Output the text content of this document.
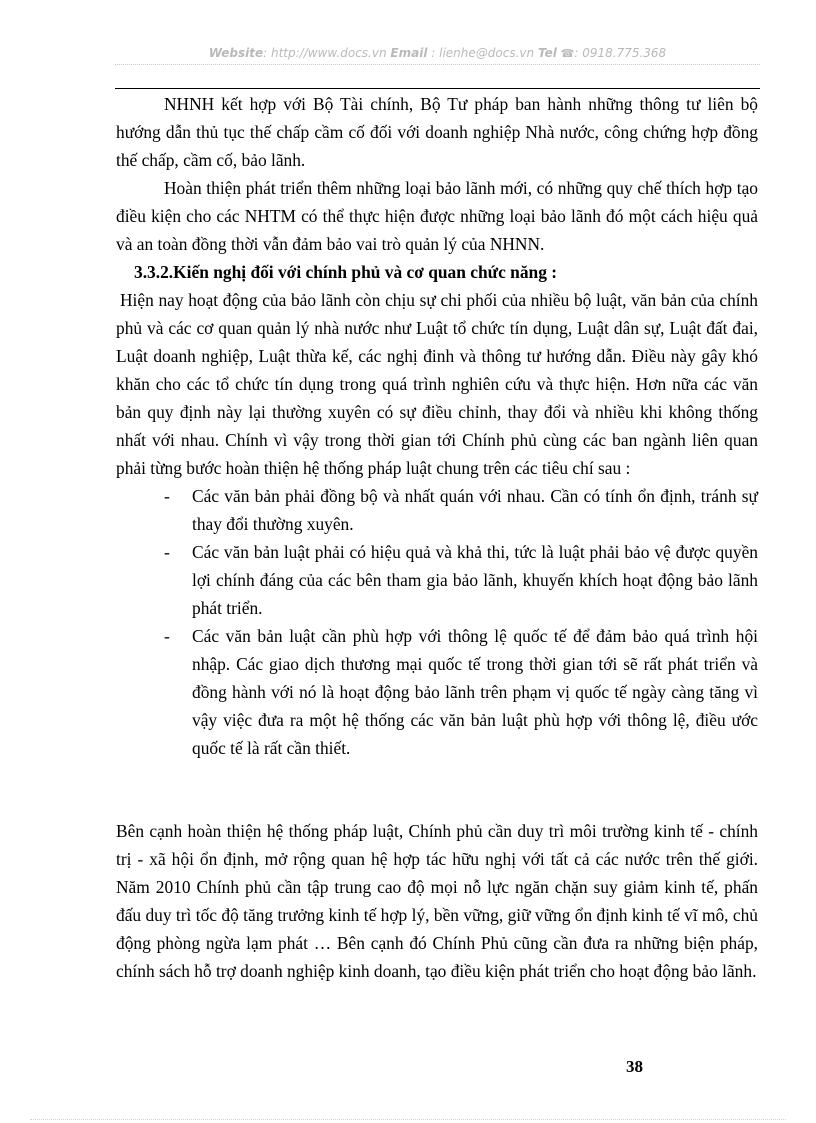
Website: http://www.docs.vn Email : lienhe@docs.vn Tel ☎: 0918.775.368

NHNH kết hợp với Bộ Tài chính, Bộ Tư pháp ban hành những thông tư liên bộ hướng dẫn thủ tục thế chấp cầm cố đối với doanh nghiệp Nhà nước, công chứng hợp đồng thế chấp, cầm cố, bảo lãnh.

Hoàn thiện phát triển thêm những loại bảo lãnh mới, có những quy chế thích hợp tạo điều kiện cho các NHTM có thể thực hiện được những loại bảo lãnh đó một cách hiệu quả và an toàn đồng thời vẫn đảm bảo vai trò quản lý của NHNN.

3.3.2.Kiến nghị đối với chính phủ và cơ quan chức năng :

Hiện nay hoạt động của bảo lãnh còn chịu sự chi phối của nhiều bộ luật, văn bản của chính phủ và các cơ quan quản lý nhà nước như Luật tổ chức tín dụng, Luật dân sự, Luật đất đai, Luật doanh nghiệp, Luật thừa kế, các nghị đinh và thông tư hướng dẫn. Điều này gây khó khăn cho các tổ chức tín dụng trong quá trình nghiên cứu và thực hiện. Hơn nữa các văn bản quy định này lại thường xuyên có sự điều chỉnh, thay đổi và nhiều khi không thống nhất với nhau. Chính vì vậy trong thời gian tới Chính phủ cùng các ban ngành liên quan phải từng bước hoàn thiện hệ thống pháp luật chung trên các tiêu chí sau :

- Các văn bản phải đồng bộ và nhất quán với nhau. Cần có tính ổn định, tránh sự thay đổi thường xuyên.
- Các văn bản luật phải có hiệu quả và khả thi, tức là luật phải bảo vệ được quyền lợi chính đáng của các bên tham gia bảo lãnh, khuyến khích hoạt động bảo lãnh phát triển.
- Các văn bản luật cần phù hợp với thông lệ quốc tế để đảm bảo quá trình hội nhập. Các giao dịch thương mại quốc tế trong thời gian tới sẽ rất phát triển và đồng hành với nó là hoạt động bảo lãnh trên phạm vị quốc tế ngày càng tăng vì vậy việc đưa ra một hệ thống các văn bản luật phù hợp với thông lệ, điều ước quốc tế là rất cần thiết.

Bên cạnh hoàn thiện hệ thống pháp luật, Chính phủ cần duy trì môi trường kinh tế - chính trị - xã hội ổn định, mở rộng quan hệ hợp tác hữu nghị với tất cả các nước trên thế giới. Năm 2010 Chính phủ cần tập trung cao độ mọi nỗ lực ngăn chặn suy giảm kinh tế, phấn đấu duy trì tốc độ tăng trưởng kinh tế hợp lý, bền vững, giữ vững ổn định kinh tế vĩ mô, chủ động phòng ngừa lạm phát … Bên cạnh đó Chính Phủ cũng cần đưa ra những biện pháp, chính sách hỗ trợ doanh nghiệp kinh doanh, tạo điều kiện phát triển cho hoạt động bảo lãnh.

38
